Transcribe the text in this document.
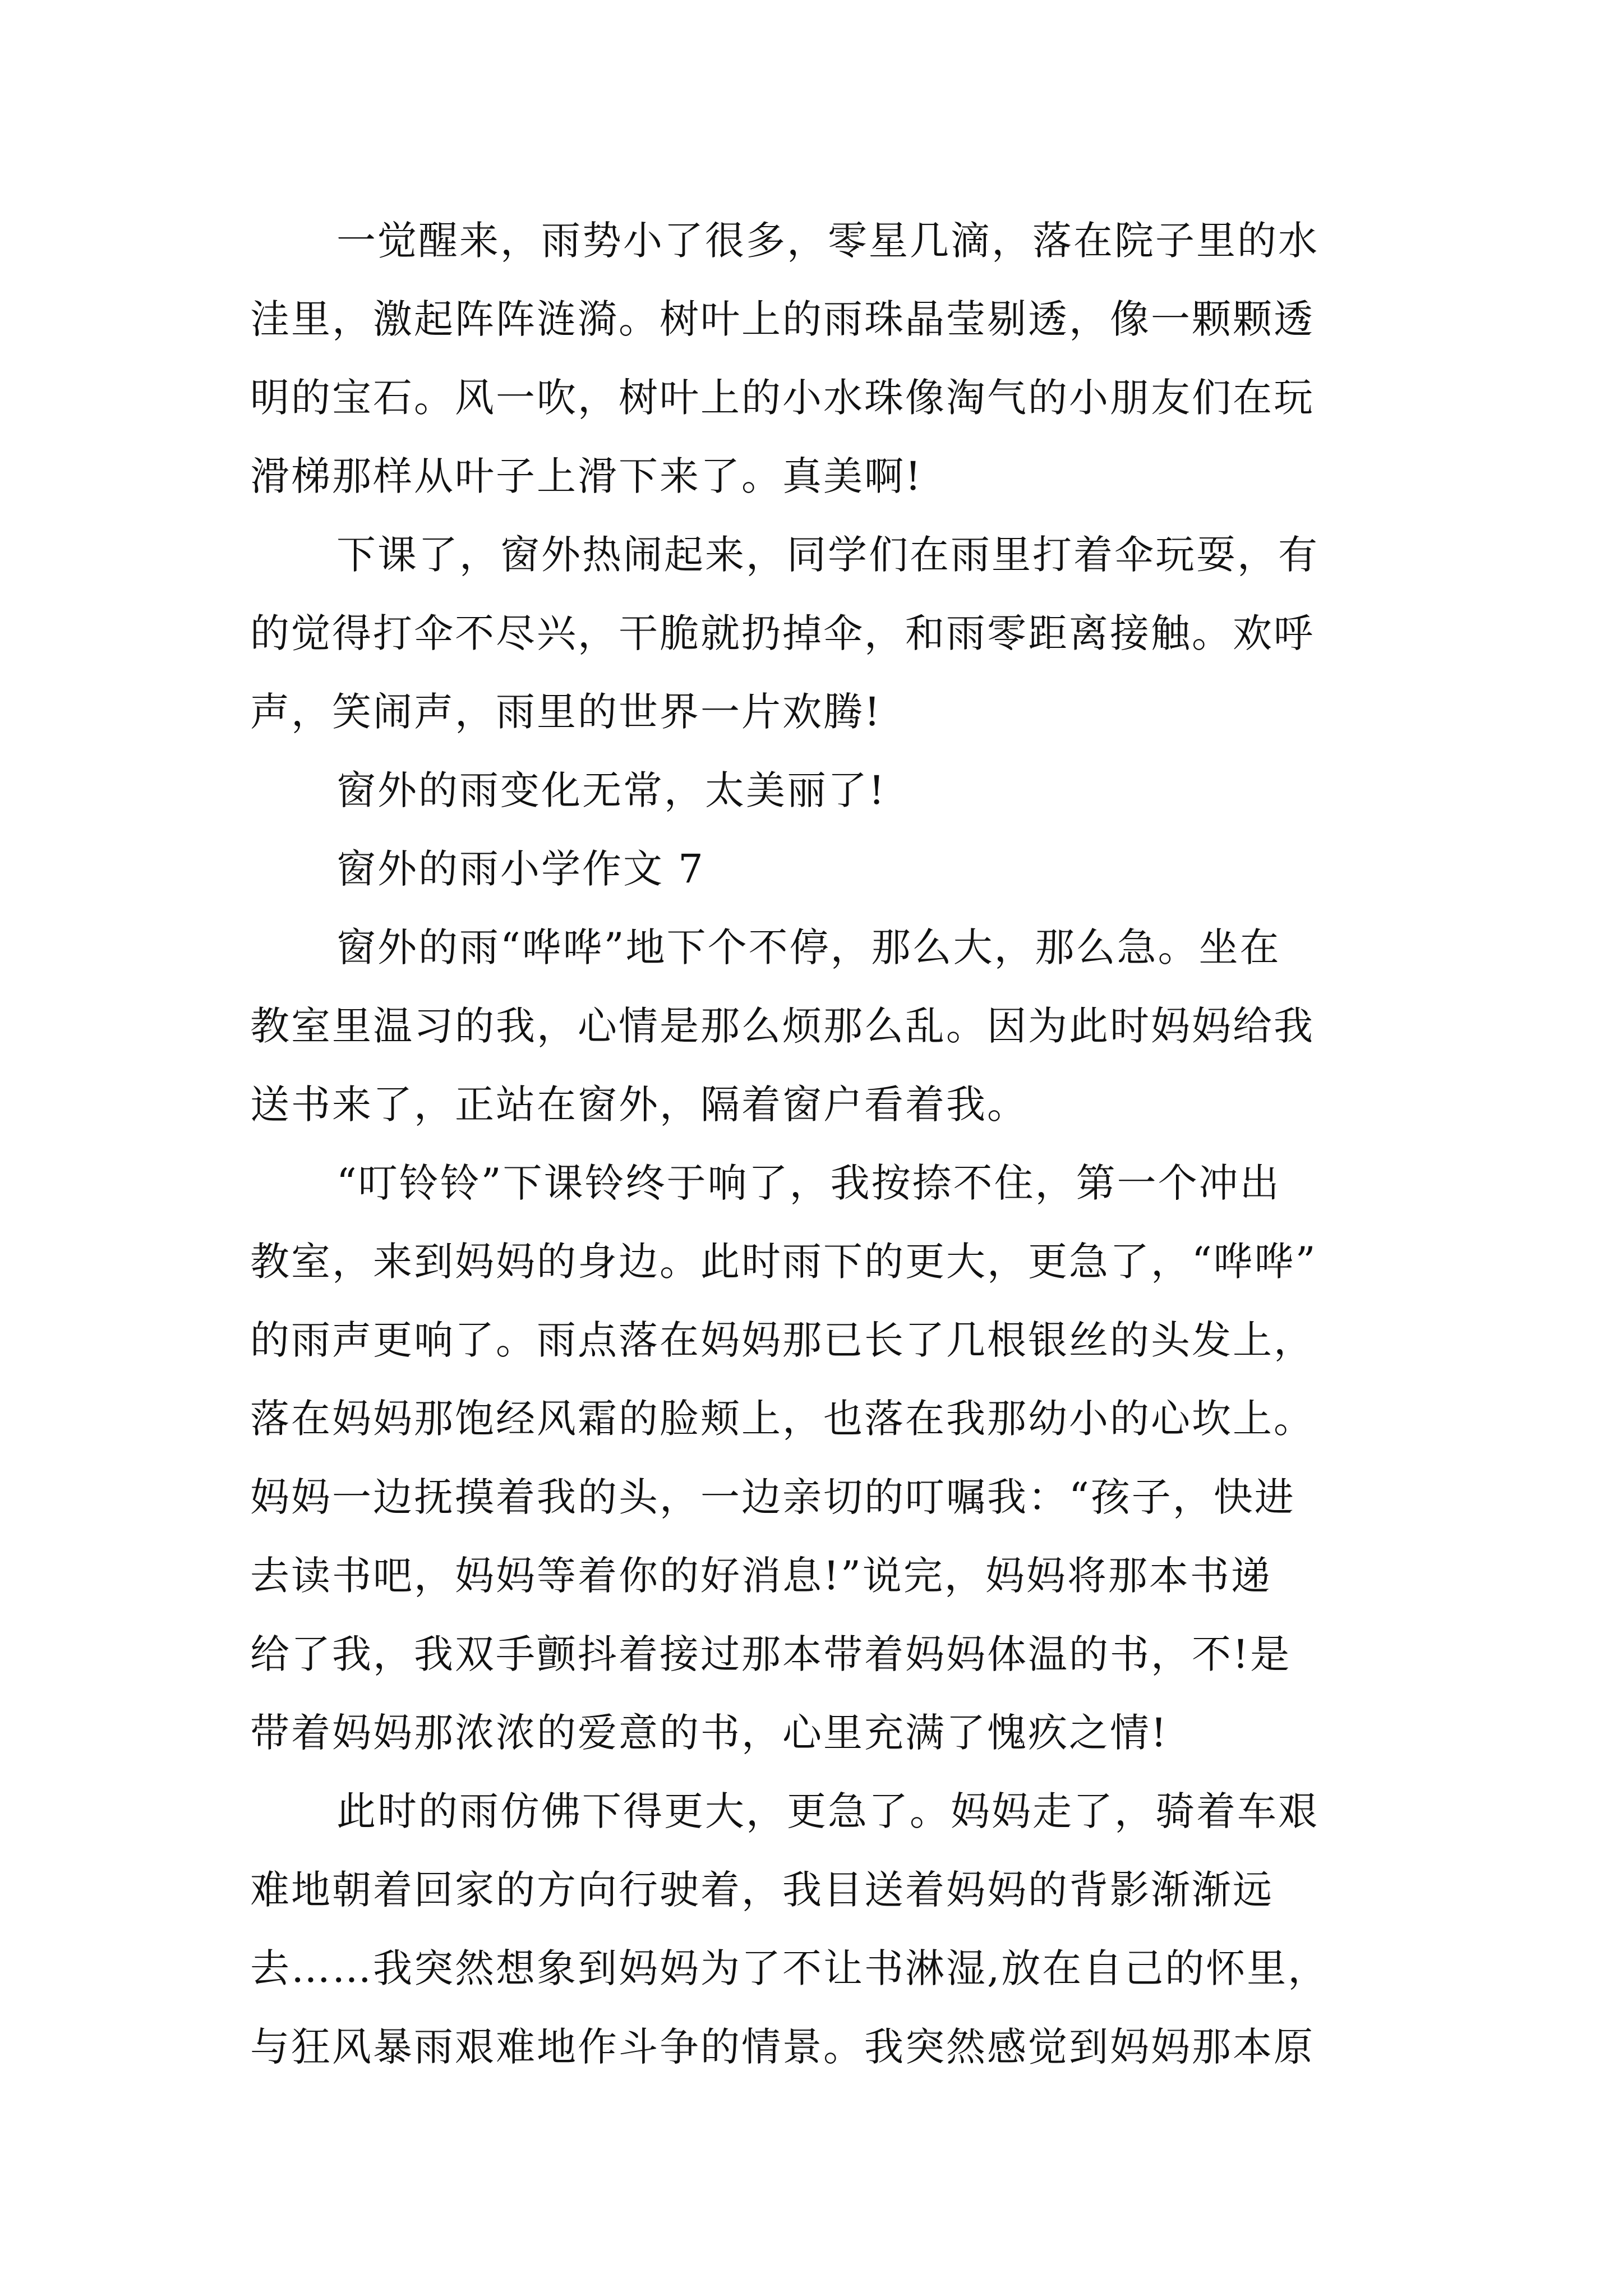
一觉醒来，雨势小了很多，零星几滴，落在院子里的水
洼里，激起阵阵涟漪。树叶上的雨珠晶莹剔透，像一颗颗透
明的宝石。风一吹，树叶上的小水珠像淘气的小朋友们在玩
滑梯那样从叶子上滑下来了。真美啊!
下课了，窗外热闹起来，同学们在雨里打着伞玩耍，有
的觉得打伞不尽兴，干脆就扔掉伞，和雨零距离接触。欢呼
声，笑闹声，雨里的世界一片欢腾!
窗外的雨变化无常，太美丽了!
窗外的雨小学作文 7
窗外的雨“哗哗”地下个不停，那么大，那么急。坐在
教室里温习的我，心情是那么烦那么乱。因为此时妈妈给我
送书来了，正站在窗外，隔着窗户看着我。
“叮铃铃”下课铃终于响了，我按捺不住，第一个冲出
教室，来到妈妈的身边。此时雨下的更大，更急了，“哗哗”
的雨声更响了。雨点落在妈妈那已长了几根银丝的头发上，
落在妈妈那饱经风霜的脸颊上，也落在我那幼小的心坎上。
妈妈一边抚摸着我的头，一边亲切的叮嘱我：“孩子，快进
去读书吧，妈妈等着你的好消息!”说完，妈妈将那本书递
给了我，我双手颤抖着接过那本带着妈妈体温的书，不!是
带着妈妈那浓浓的爱意的书，心里充满了愧疚之情!
此时的雨仿佛下得更大，更急了。妈妈走了，骑着车艰
难地朝着回家的方向行驶着，我目送着妈妈的背影渐渐远
去……我突然想象到妈妈为了不让书淋湿,放在自己的怀里，
与狂风暴雨艰难地作斗争的情景。我突然感觉到妈妈那本原
